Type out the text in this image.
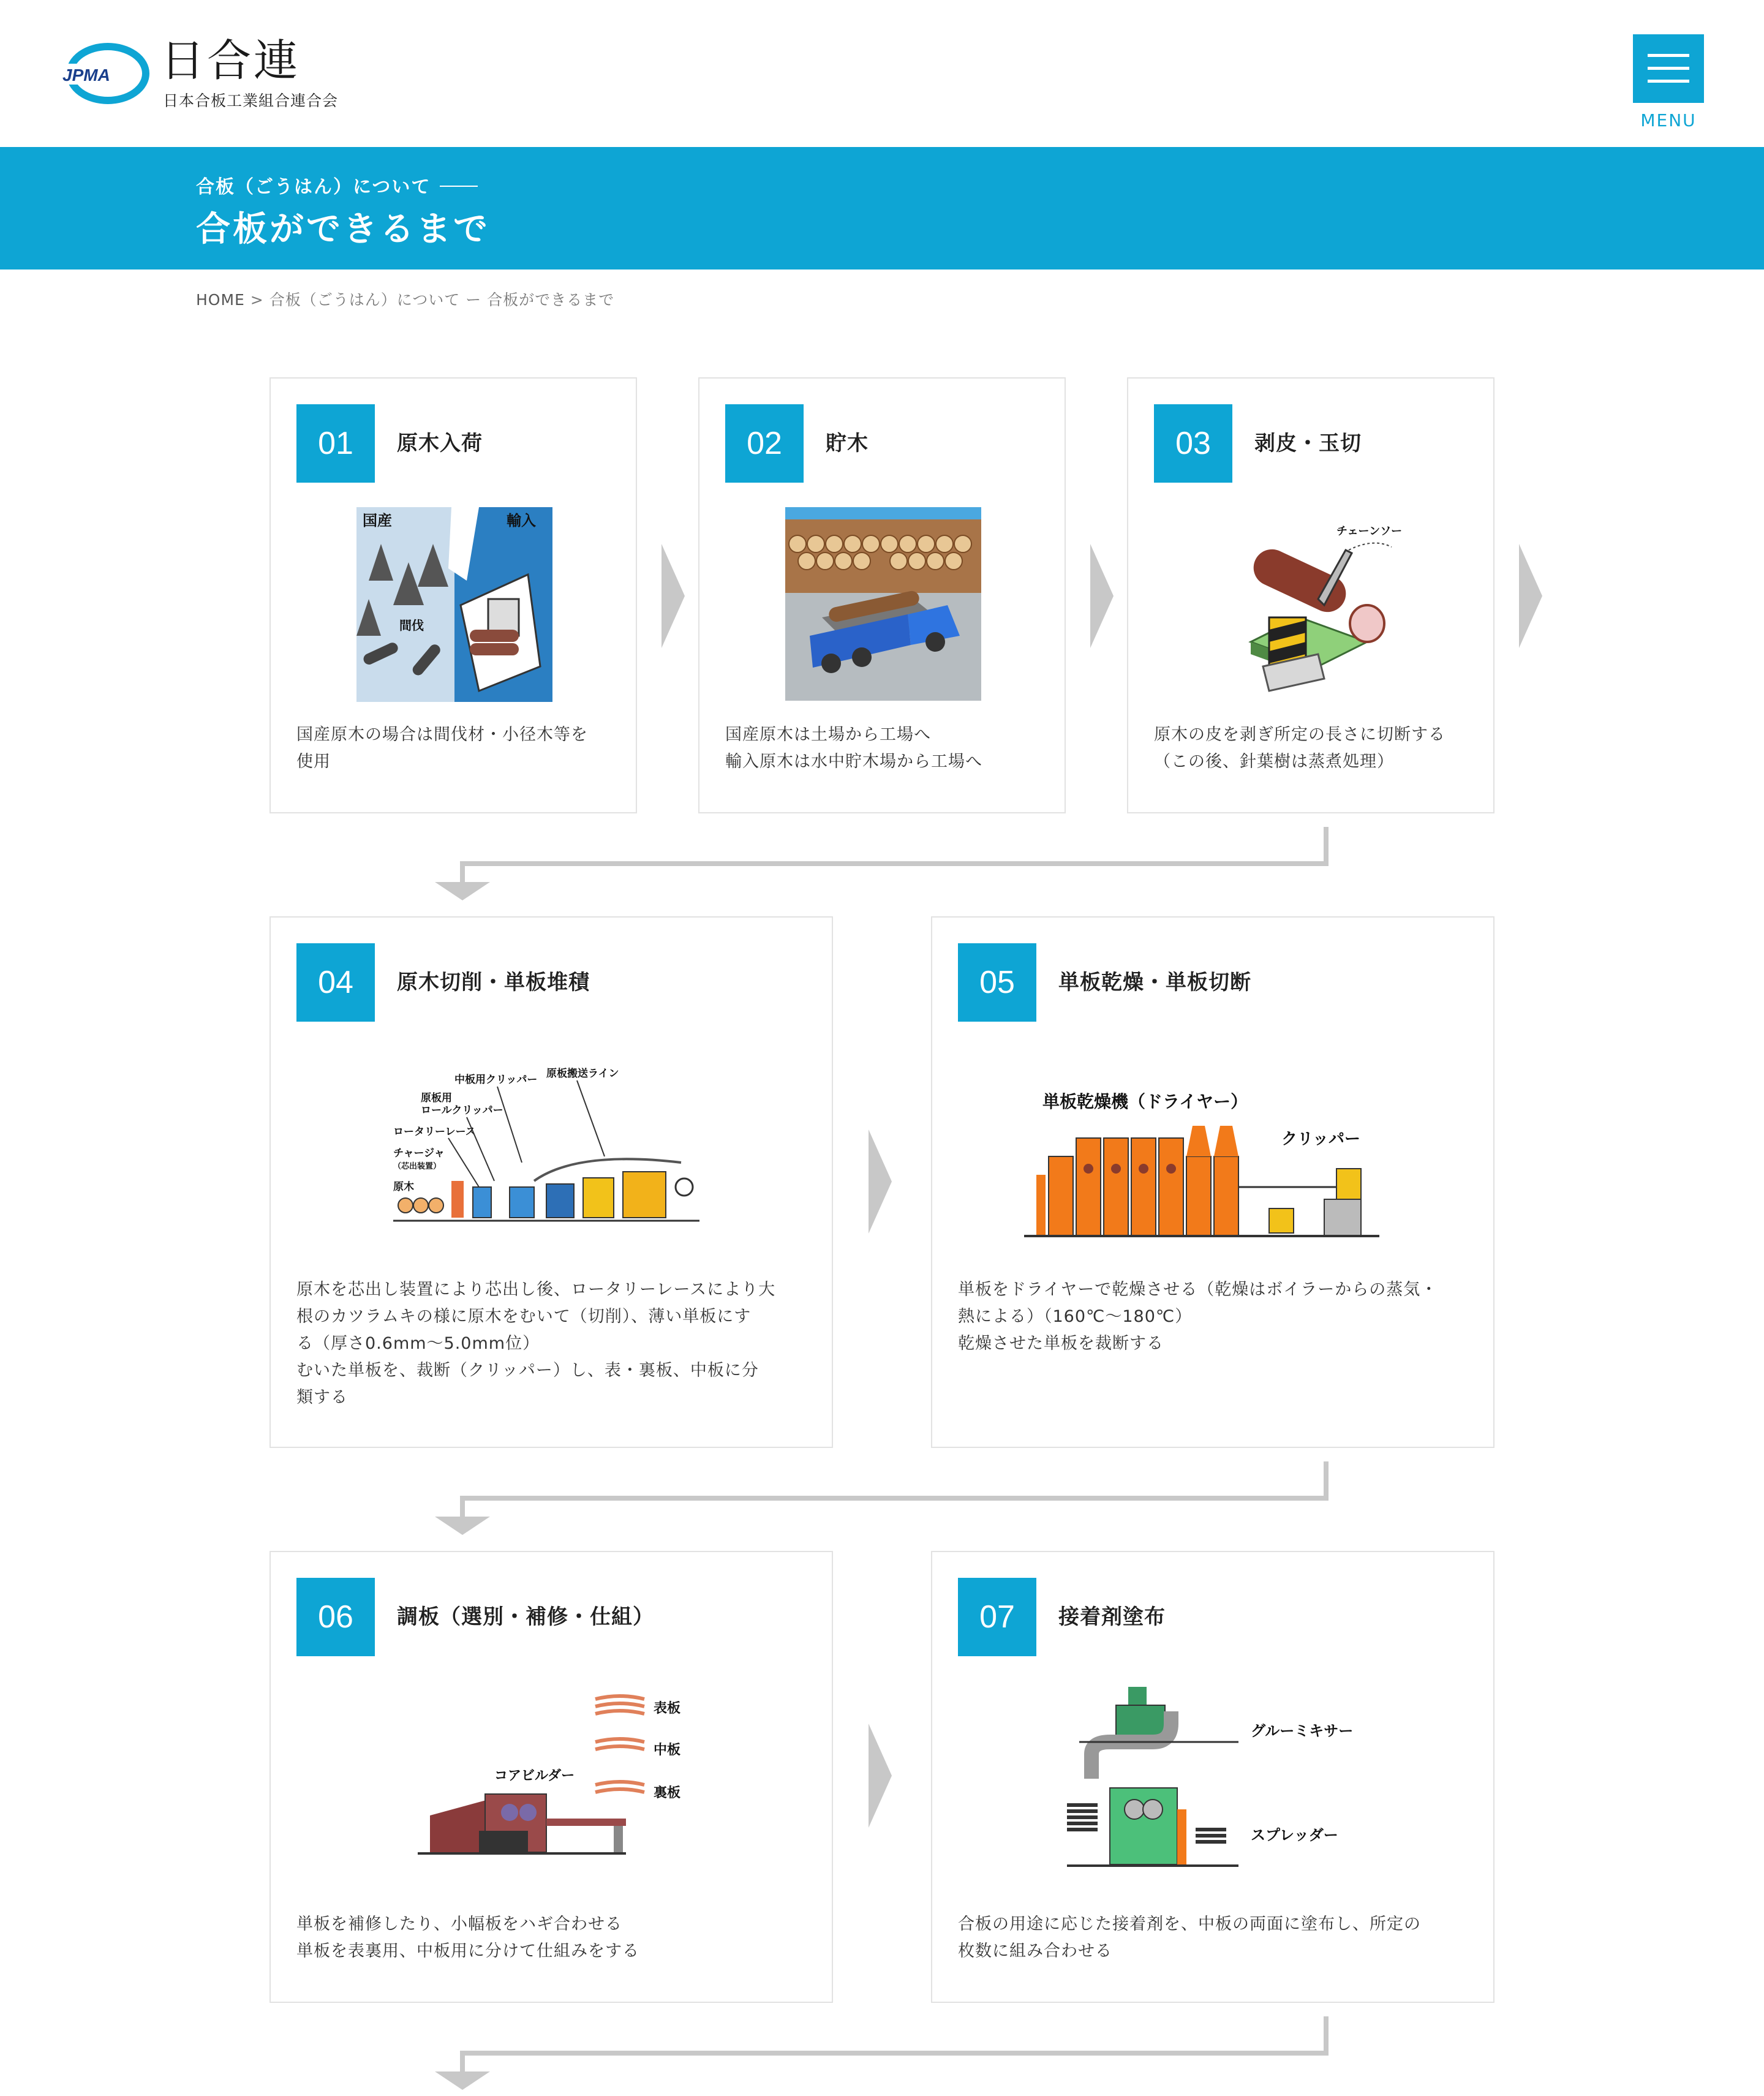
JPMA 日合連
日本合板工業組合連合会
MENU
合板（ごうはん）について
合板ができるまで
HOME > 合板（ごうはん）について ー 合板ができるまで
01	原木入荷
国産	輸入
間伐
国産原木の場合は間伐材・小径木等を
使用
02	貯木
国産原木は土場から工場へ
輸入原木は水中貯木場から工場へ
03	剥皮・玉切
チェーンソー
原木の皮を剥ぎ所定の長さに切断する
（この後、針葉樹は蒸煮処理）
04	原木切削・単板堆積
中板用クリッパー 原板搬送ライン
原板用
ロールクリッパー
ロータリーレース
チャージャ
（芯出装置）
原木
原木を芯出し装置により芯出し後、ロータリーレースにより大
根のカツラムキの様に原木をむいて（切削）、薄い単板にす
る（厚さ0.6mm〜5.0mm位）
むいた単板を、裁断（クリッパー）し、表・裏板、中板に分
類する
05	単板乾燥・単板切断
単板乾燥機（ドライヤー）
クリッパー
単板をドライヤーで乾燥させる（乾燥はボイラーからの蒸気・
熱による）（160℃〜180℃）
乾燥させた単板を裁断する
06	調板（選別・補修・仕組）
表板
中板
裏板
コアビルダー
単板を補修したり、小幅板をハギ合わせる
単板を表裏用、中板用に分けて仕組みをする
07	接着剤塗布
グルーミキサー
スプレッダー
合板の用途に応じた接着剤を、中板の両面に塗布し、所定の
枚数に組み合わせる
